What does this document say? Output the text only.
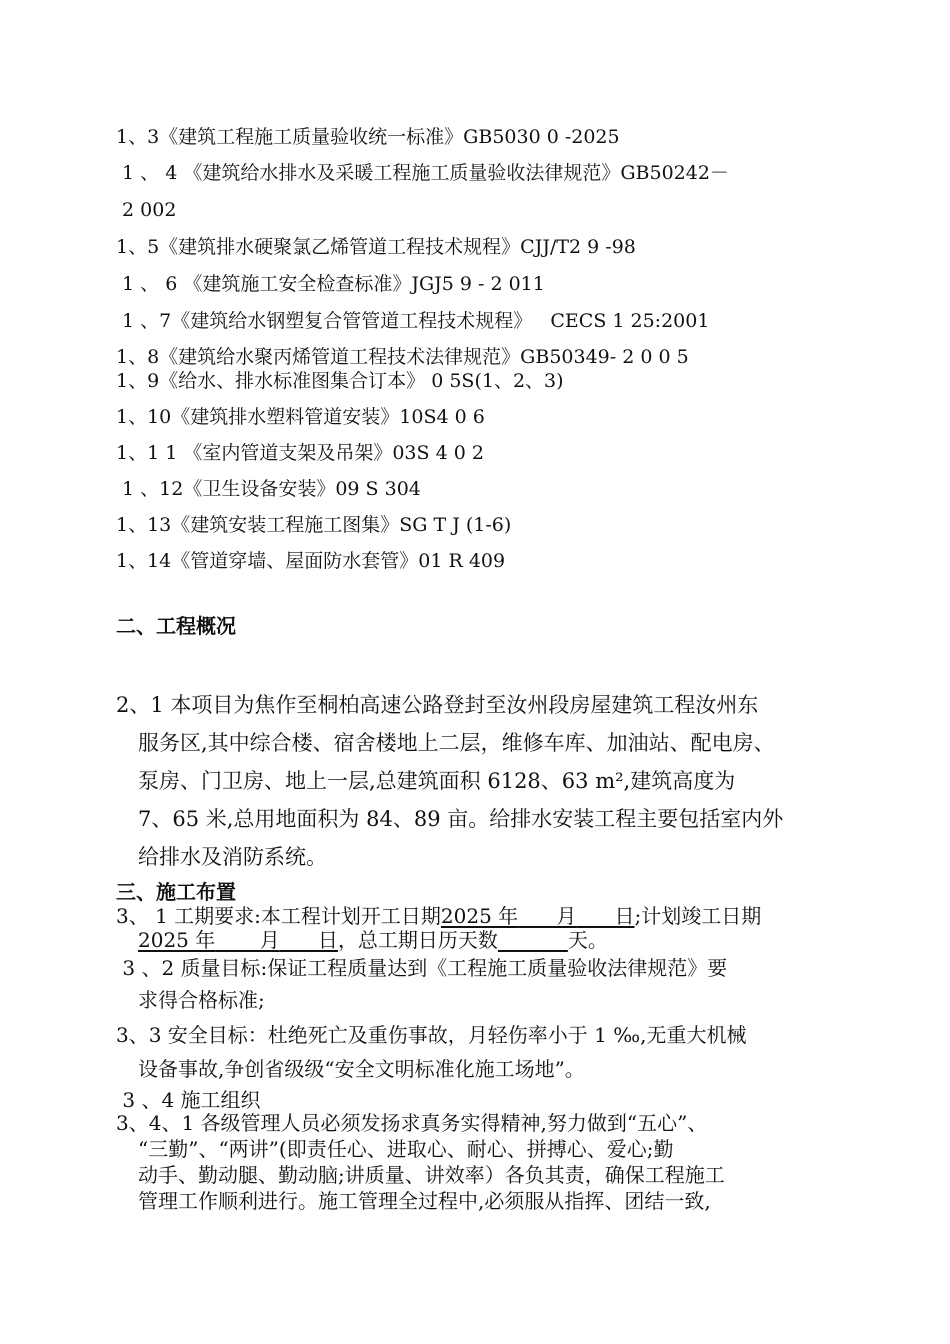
1、3《建筑工程施工质量验收统一标准》GB5030 0 -2025
1 、 4 《建筑给水排水及采暖工程施工质量验收法律规范》GB50242－
2 002
1、5《建筑排水硬聚氯乙烯管道工程技术规程》CJJ/T2 9 -98
1 、 6 《建筑施工安全检查标准》JGJ5 9 - 2 011
1 、7《建筑给水钢塑复合管管道工程技术规程》   CECS 1 25:2001
1、8《建筑给水聚丙烯管道工程技术法律规范》GB50349- 2 0 0 5
1、9《给水、排水标准图集合订本》 0 5S(1、2、3)
1、10《建筑排水塑料管道安装》10S4 0 6
1、1 1 《室内管道支架及吊架》03S 4 0 2
1 、12《卫生设备安装》09 S 304
1、13《建筑安装工程施工图集》SG T J (1-6)
1、14《管道穿墙、屋面防水套管》01 R 409
二、工程概况
2、1 本项目为焦作至桐柏高速公路登封至汝州段房屋建筑工程汝州东
服务区,其中综合楼、宿舍楼地上二层，维修车库、加油站、配电房、
泵房、门卫房、地上一层,总建筑面积 6128、63 m²,建筑高度为
7、65 米,总用地面积为 84、89 亩。给排水安装工程主要包括室内外
给排水及消防系统。
三、施工布置
3、 1 工期要求:本工程计划开工日期2025 年      月      日;计划竣工日期
2025 年       月      日，总工期日历天数	天。
3 、2 质量目标:保证工程质量达到《工程施工质量验收法律规范》要
求得合格标准;
3、3 安全目标：杜绝死亡及重伤事故，月轻伤率小于 1 ‰,无重大机械
设备事故,争创省级级“安全文明标准化施工场地”。
3 、4 施工组织
3、4、1 各级管理人员必须发扬求真务实得精神,努力做到“五心”、
“三勤”、“两讲”(即责任心、进取心、耐心、拼搏心、爱心;勤
动手、勤动腿、勤动脑;讲质量、讲效率）各负其责，确保工程施工
管理工作顺利进行。施工管理全过程中,必须服从指挥、团结一致,
